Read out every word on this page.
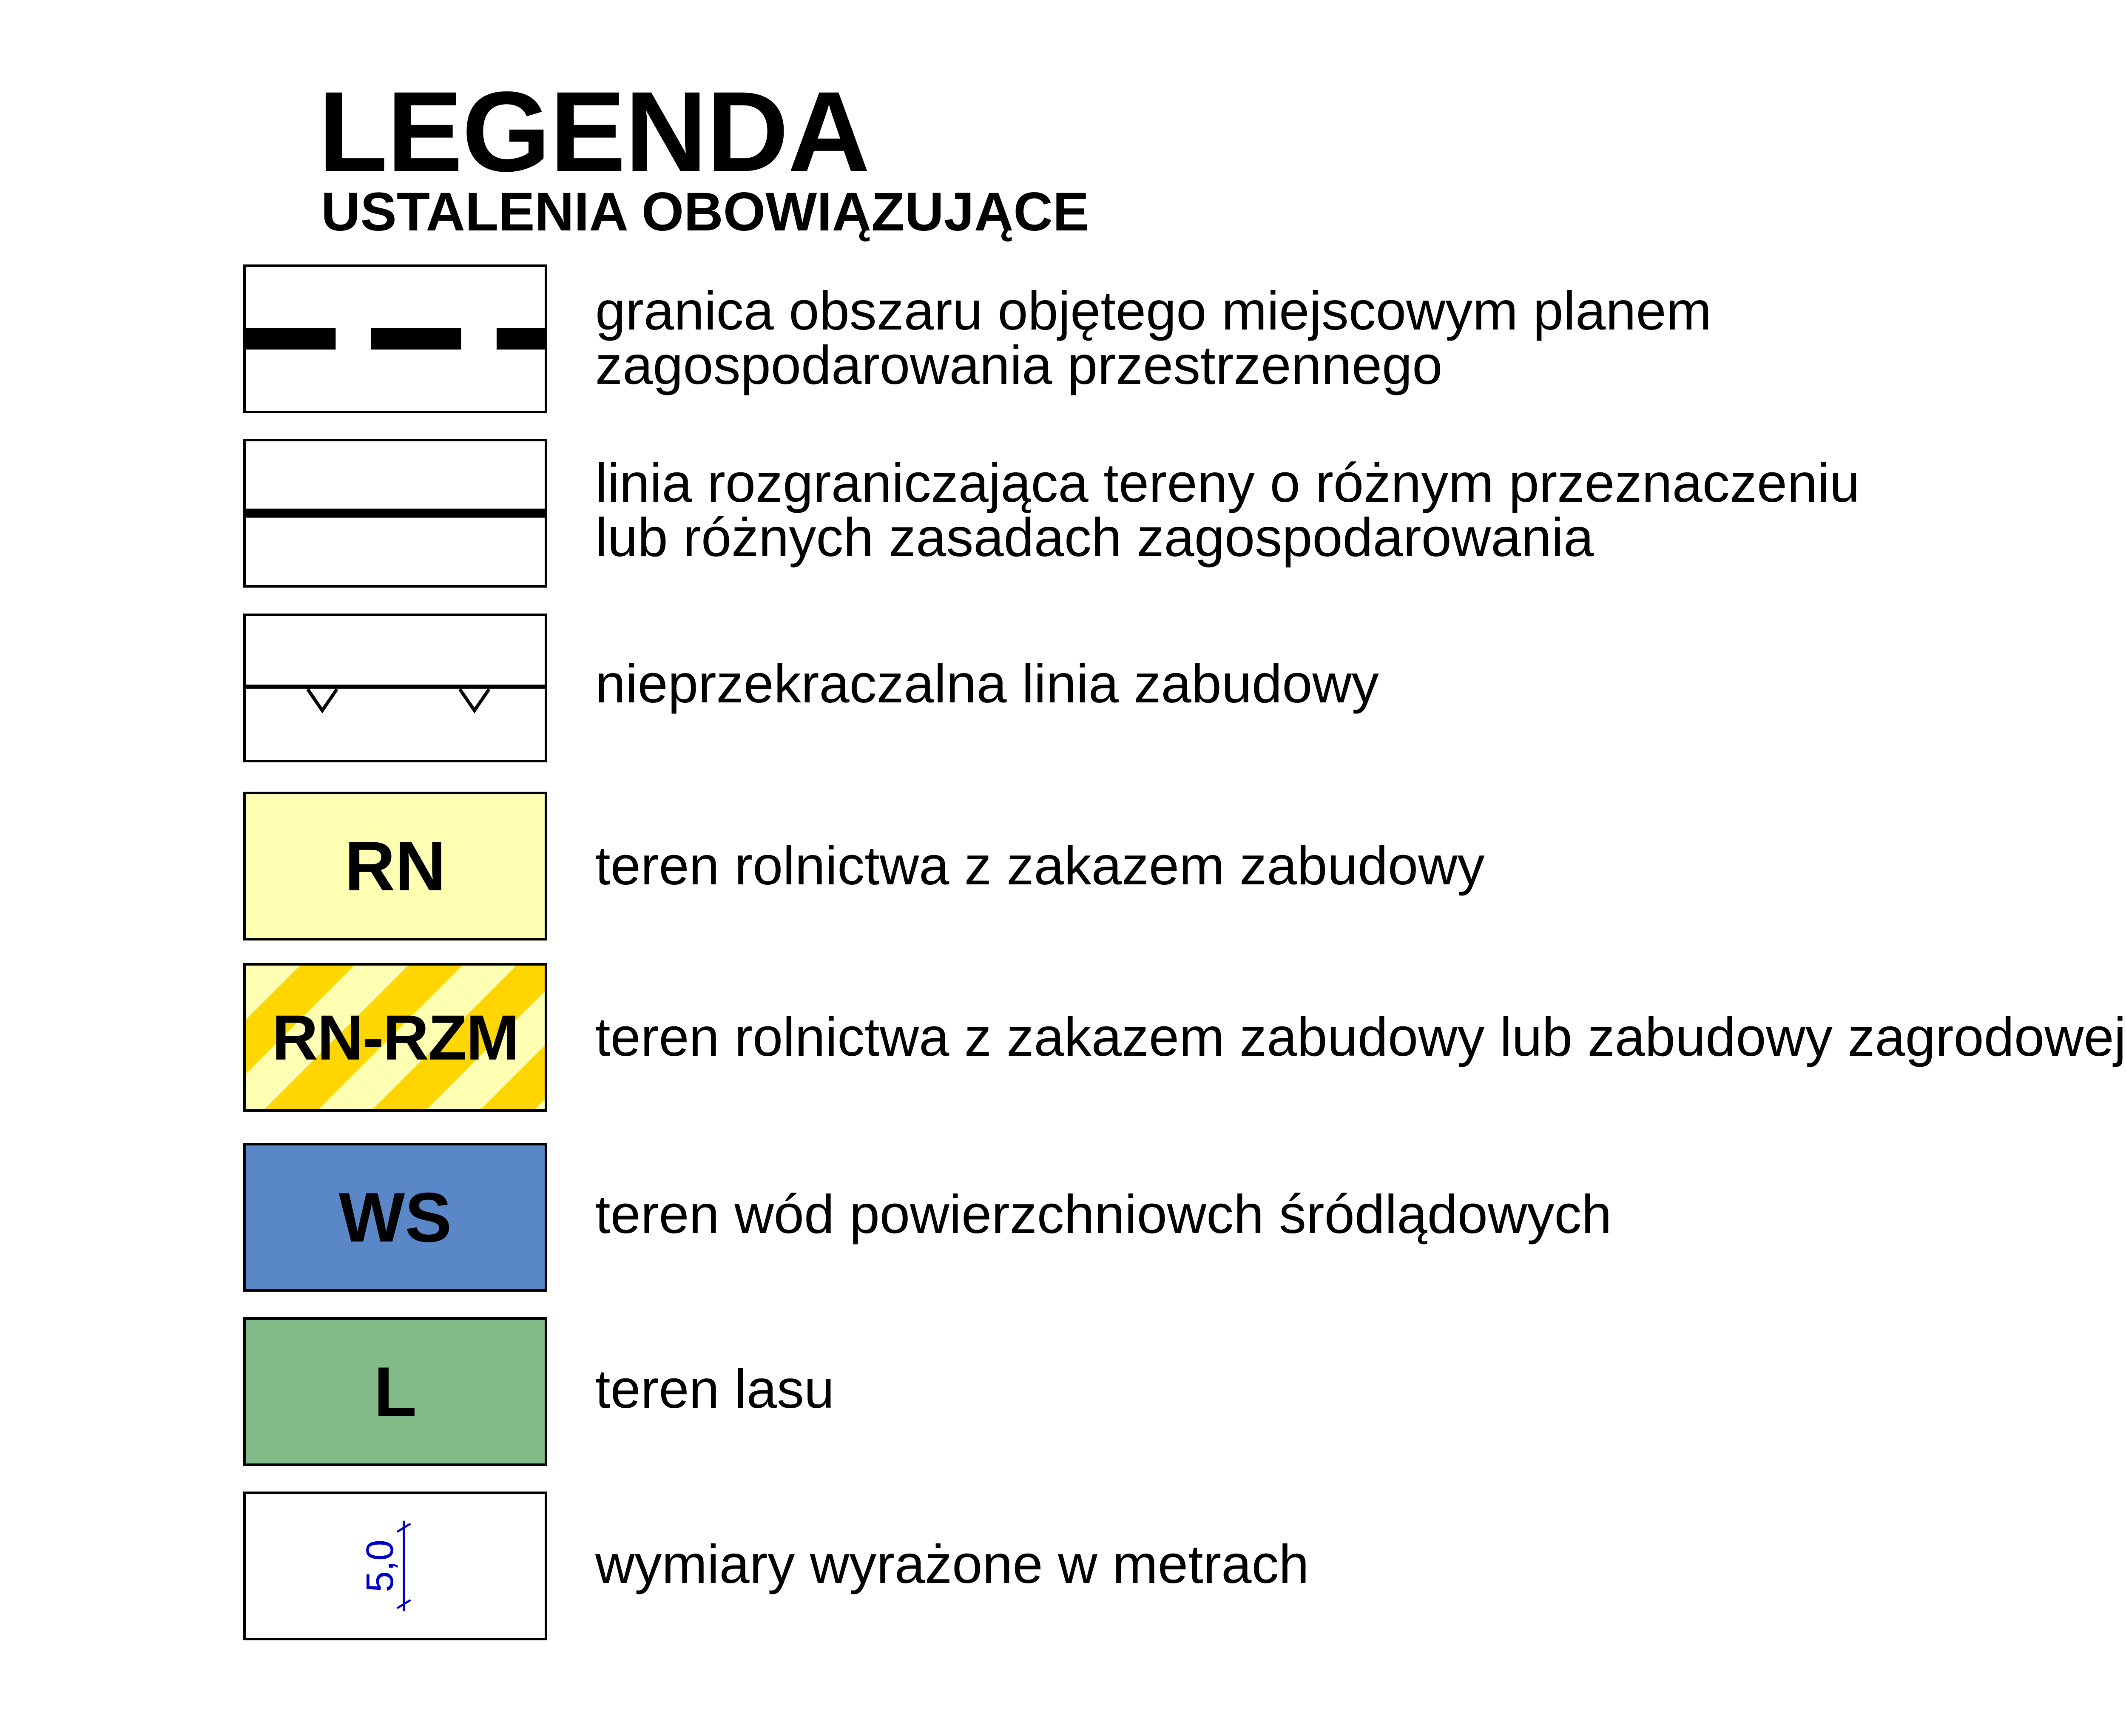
LEGENDA
USTALENIA OBOWIĄZUJĄCE
granica obszaru objętego miejscowym planem
zagospodarowania przestrzennego
linia rozgraniczająca tereny o różnym przeznaczeniu
lub różnych zasadach zagospodarowania
nieprzekraczalna linia zabudowy
RN	teren rolnictwa z zakazem zabudowy
RN-RZM teren rolnictwa z zakazem zabudowy lub zabudowy zagrodowej
WS	teren wód powierzchniowch śródlądowych
L	teren lasu
5,0	wymiary wyrażone w metrach
